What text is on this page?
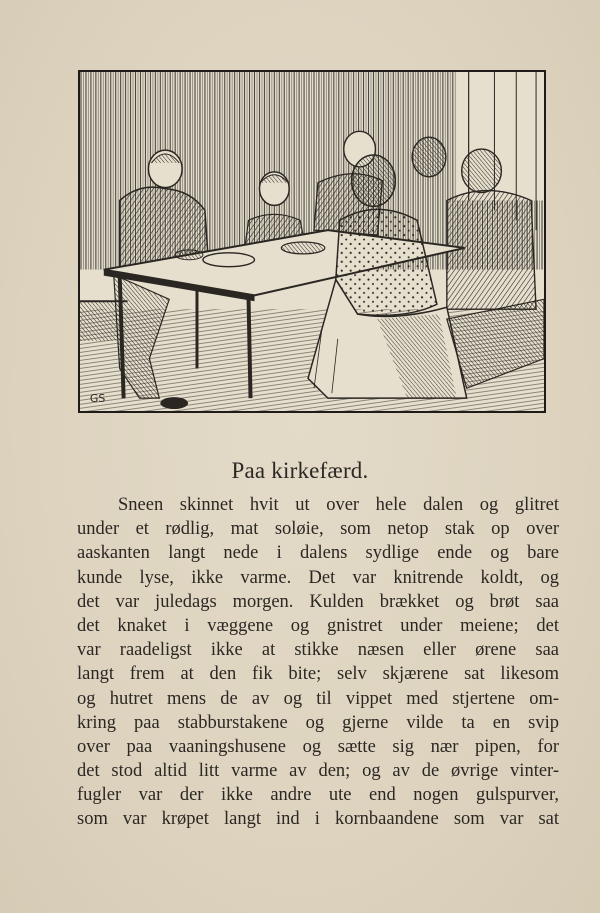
GS
Paa kirkefærd.
Sneen skinnet hvit ut over hele dalen og glitret
under et rødlig, mat soløie, som netop stak op over
aaskanten langt nede i dalens sydlige ende og bare
kunde lyse, ikke varme. Det var knitrende koldt, og
det var juledags morgen. Kulden brækket og brøt saa
det knaket i væggene og gnistret under meiene; det
var raadeligst ikke at stikke næsen eller ørene saa
langt frem at den fik bite; selv skjærene sat likesom
og hutret mens de av og til vippet med stjertene om-
kring paa stabburstakene og gjerne vilde ta en svip
over paa vaaningshusene og sætte sig nær pipen, for
det stod altid litt varme av den; og av de øvrige vinter-
fugler var der ikke andre ute end nogen gulspurver,
som var krøpet langt ind i kornbaandene som var sat
